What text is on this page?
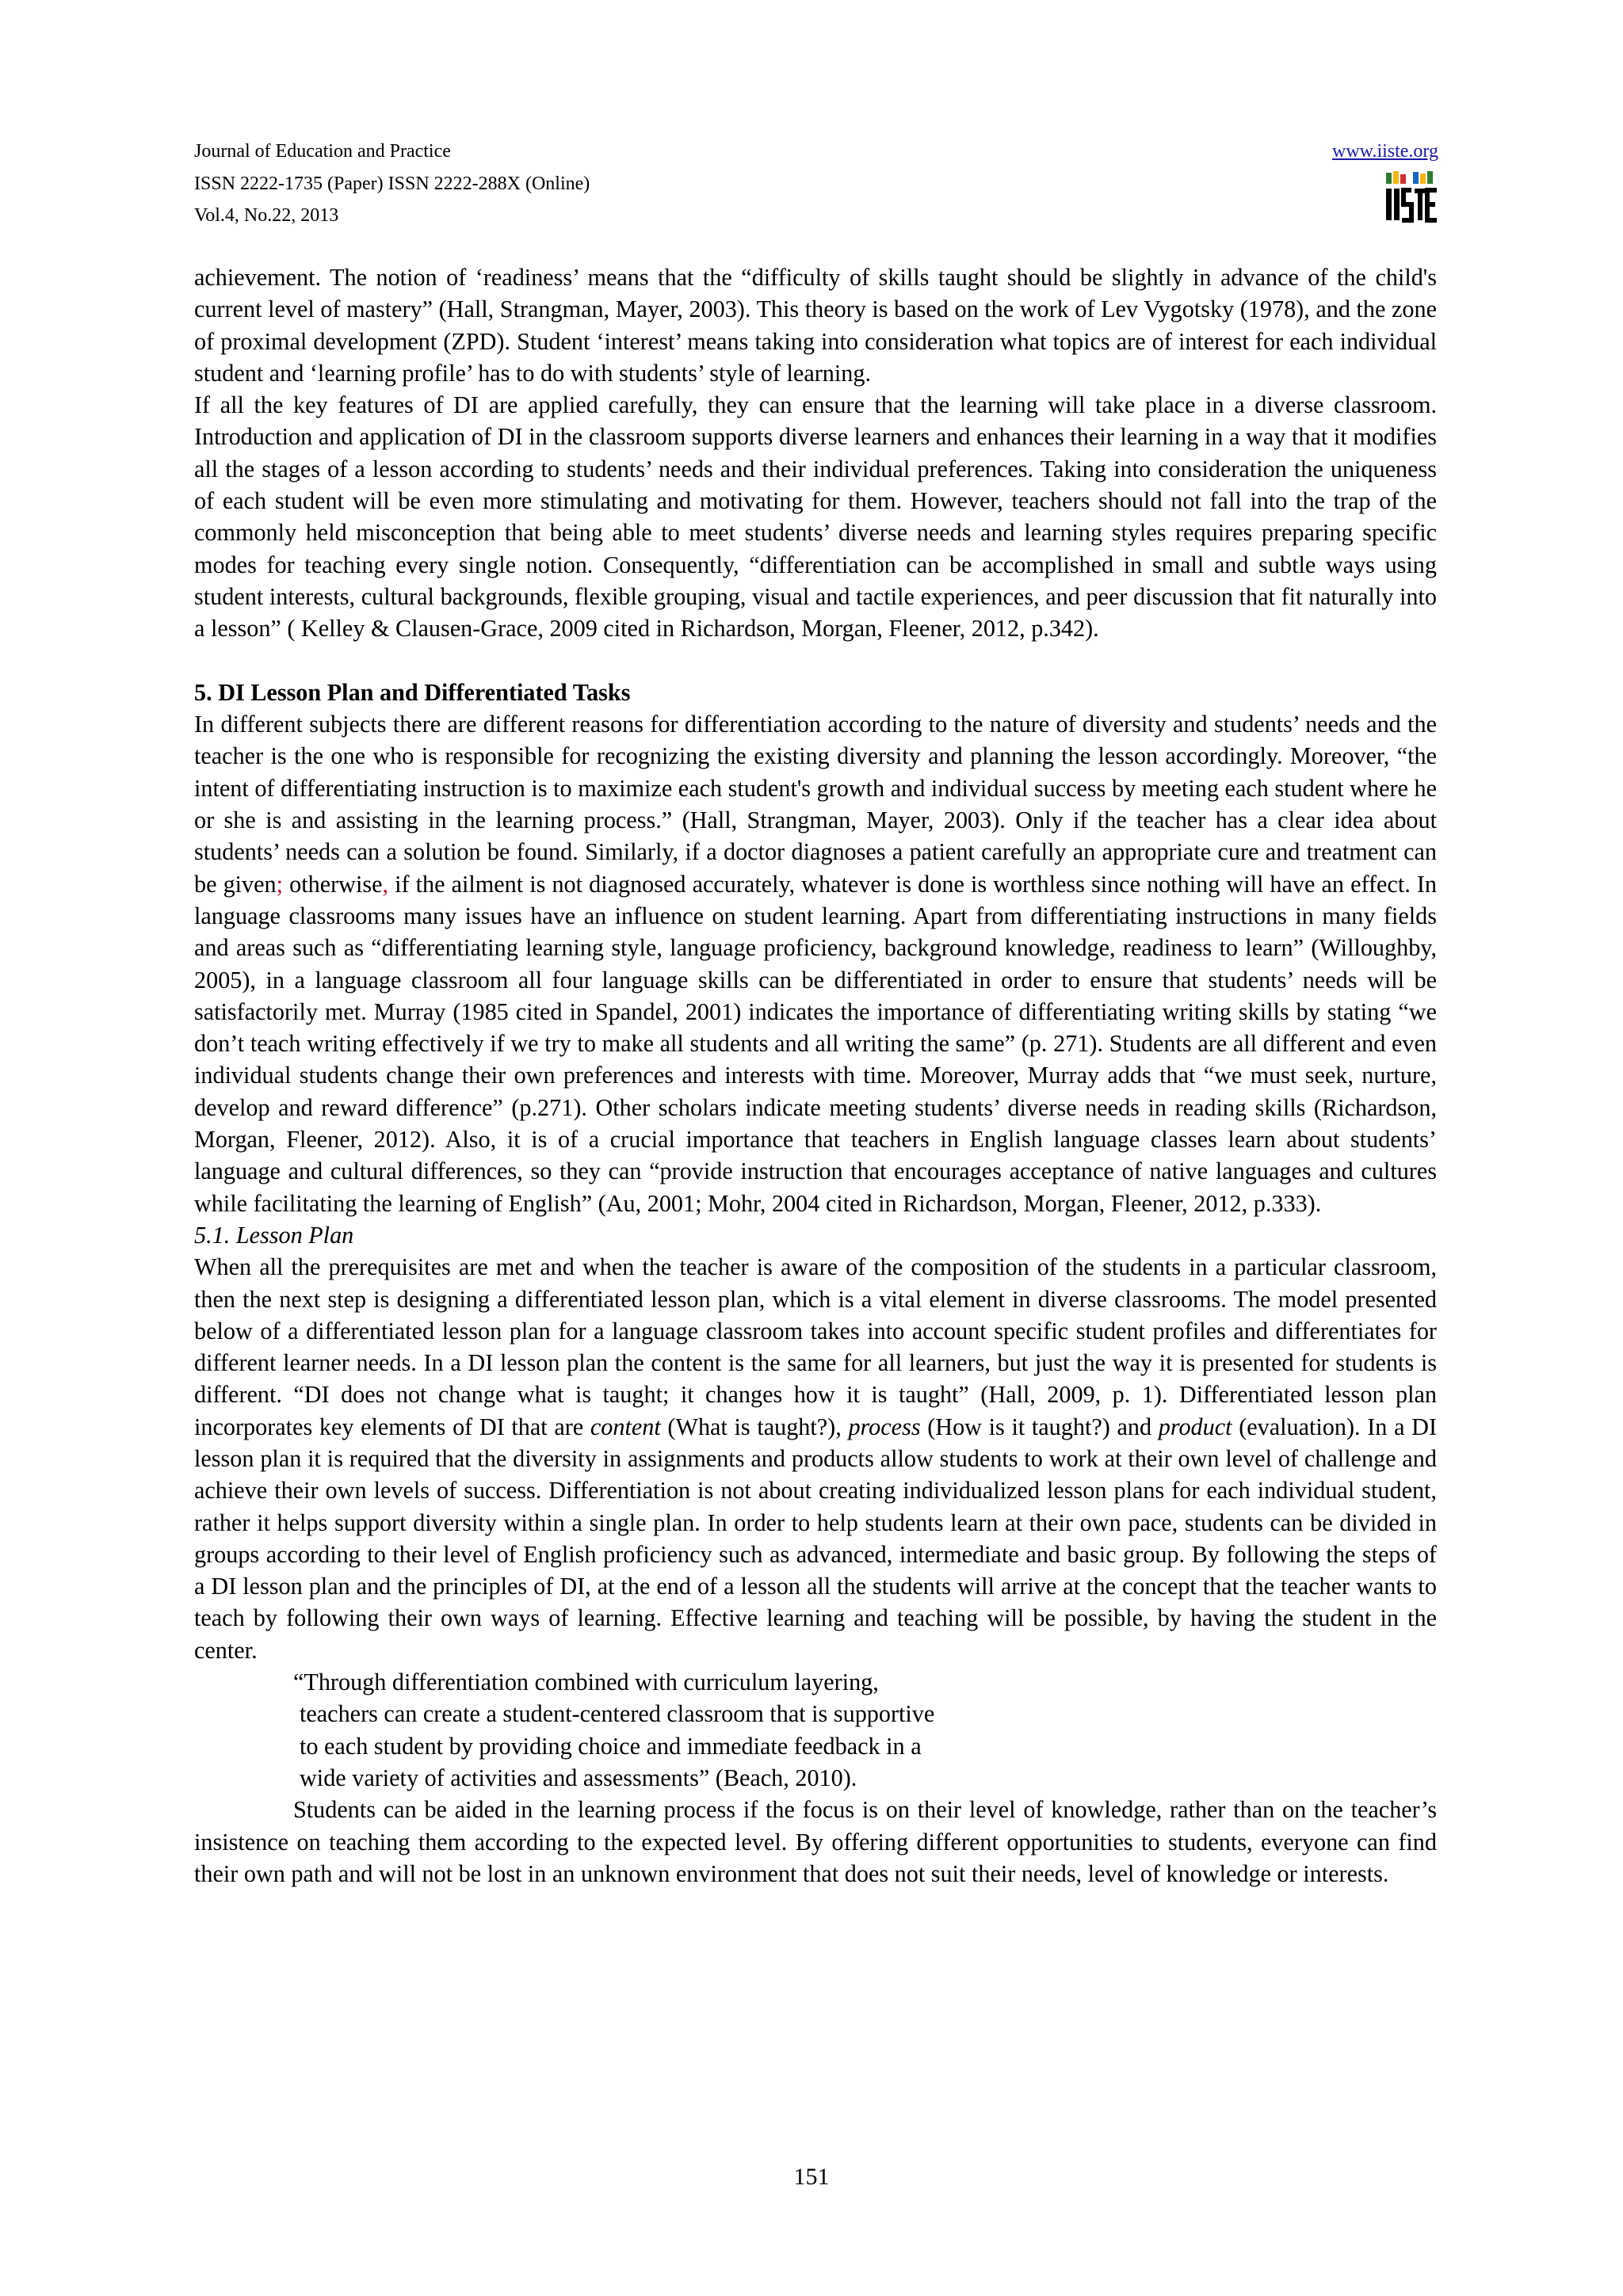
Journal of Education and Practice
ISSN 2222-1735 (Paper) ISSN 2222-288X (Online)
Vol.4, No.22, 2013
www.iiste.org

achievement. The notion of ‘readiness’ means that the “difficulty of skills taught should be slightly in advance of the child's current level of mastery” (Hall, Strangman, Mayer, 2003). This theory is based on the work of Lev Vygotsky (1978), and the zone of proximal development (ZPD). Student ‘interest’ means taking into consideration what topics are of interest for each individual student and ‘learning profile’ has to do with students’ style of learning.

If all the key features of DI are applied carefully, they can ensure that the learning will take place in a diverse classroom. Introduction and application of DI in the classroom supports diverse learners and enhances their learning in a way that it modifies all the stages of a lesson according to students’ needs and their individual preferences. Taking into consideration the uniqueness of each student will be even more stimulating and motivating for them. However, teachers should not fall into the trap of the commonly held misconception that being able to meet students’ diverse needs and learning styles requires preparing specific modes for teaching every single notion. Consequently, “differentiation can be accomplished in small and subtle ways using student interests, cultural backgrounds, flexible grouping, visual and tactile experiences, and peer discussion that fit naturally into a lesson” ( Kelley & Clausen-Grace, 2009 cited in Richardson, Morgan, Fleener, 2012, p.342).

5. DI Lesson Plan and Differentiated Tasks

In different subjects there are different reasons for differentiation according to the nature of diversity and students’ needs and the teacher is the one who is responsible for recognizing the existing diversity and planning the lesson accordingly. Moreover, “the intent of differentiating instruction is to maximize each student's growth and individual success by meeting each student where he or she is and assisting in the learning process.” (Hall, Strangman, Mayer, 2003). Only if the teacher has a clear idea about students’ needs can a solution be found. Similarly, if a doctor diagnoses a patient carefully an appropriate cure and treatment can be given; otherwise, if the ailment is not diagnosed accurately, whatever is done is worthless since nothing will have an effect. In language classrooms many issues have an influence on student learning. Apart from differentiating instructions in many fields and areas such as “differentiating learning style, language proficiency, background knowledge, readiness to learn” (Willoughby, 2005), in a language classroom all four language skills can be differentiated in order to ensure that students’ needs will be satisfactorily met. Murray (1985 cited in Spandel, 2001) indicates the importance of differentiating writing skills by stating “we don’t teach writing effectively if we try to make all students and all writing the same” (p. 271). Students are all different and even individual students change their own preferences and interests with time. Moreover, Murray adds that “we must seek, nurture, develop and reward difference” (p.271). Other scholars indicate meeting students’ diverse needs in reading skills (Richardson, Morgan, Fleener, 2012). Also, it is of a crucial importance that teachers in English language classes learn about students’ language and cultural differences, so they can “provide instruction that encourages acceptance of native languages and cultures while facilitating the learning of English” (Au, 2001; Mohr, 2004 cited in Richardson, Morgan, Fleener, 2012, p.333).

5.1. Lesson Plan

When all the prerequisites are met and when the teacher is aware of the composition of the students in a particular classroom, then the next step is designing a differentiated lesson plan, which is a vital element in diverse classrooms. The model presented below of a differentiated lesson plan for a language classroom takes into account specific student profiles and differentiates for different learner needs. In a DI lesson plan the content is the same for all learners, but just the way it is presented for students is different. “DI does not change what is taught; it changes how it is taught” (Hall, 2009, p. 1). Differentiated lesson plan incorporates key elements of DI that are content (What is taught?), process (How is it taught?) and product (evaluation). In a DI lesson plan it is required that the diversity in assignments and products allow students to work at their own level of challenge and achieve their own levels of success. Differentiation is not about creating individualized lesson plans for each individual student, rather it helps support diversity within a single plan. In order to help students learn at their own pace, students can be divided in groups according to their level of English proficiency such as advanced, intermediate and basic group. By following the steps of a DI lesson plan and the principles of DI, at the end of a lesson all the students will arrive at the concept that the teacher wants to teach by following their own ways of learning. Effective learning and teaching will be possible, by having the student in the center.

“Through differentiation combined with curriculum layering,

teachers can create a student-centered classroom that is supportive

to each student by providing choice and immediate feedback in a

wide variety of activities and assessments” (Beach, 2010).

Students can be aided in the learning process if the focus is on their level of knowledge, rather than on the teacher’s insistence on teaching them according to the expected level. By offering different opportunities to students, everyone can find their own path and will not be lost in an unknown environment that does not suit their needs, level of knowledge or interests.

151
